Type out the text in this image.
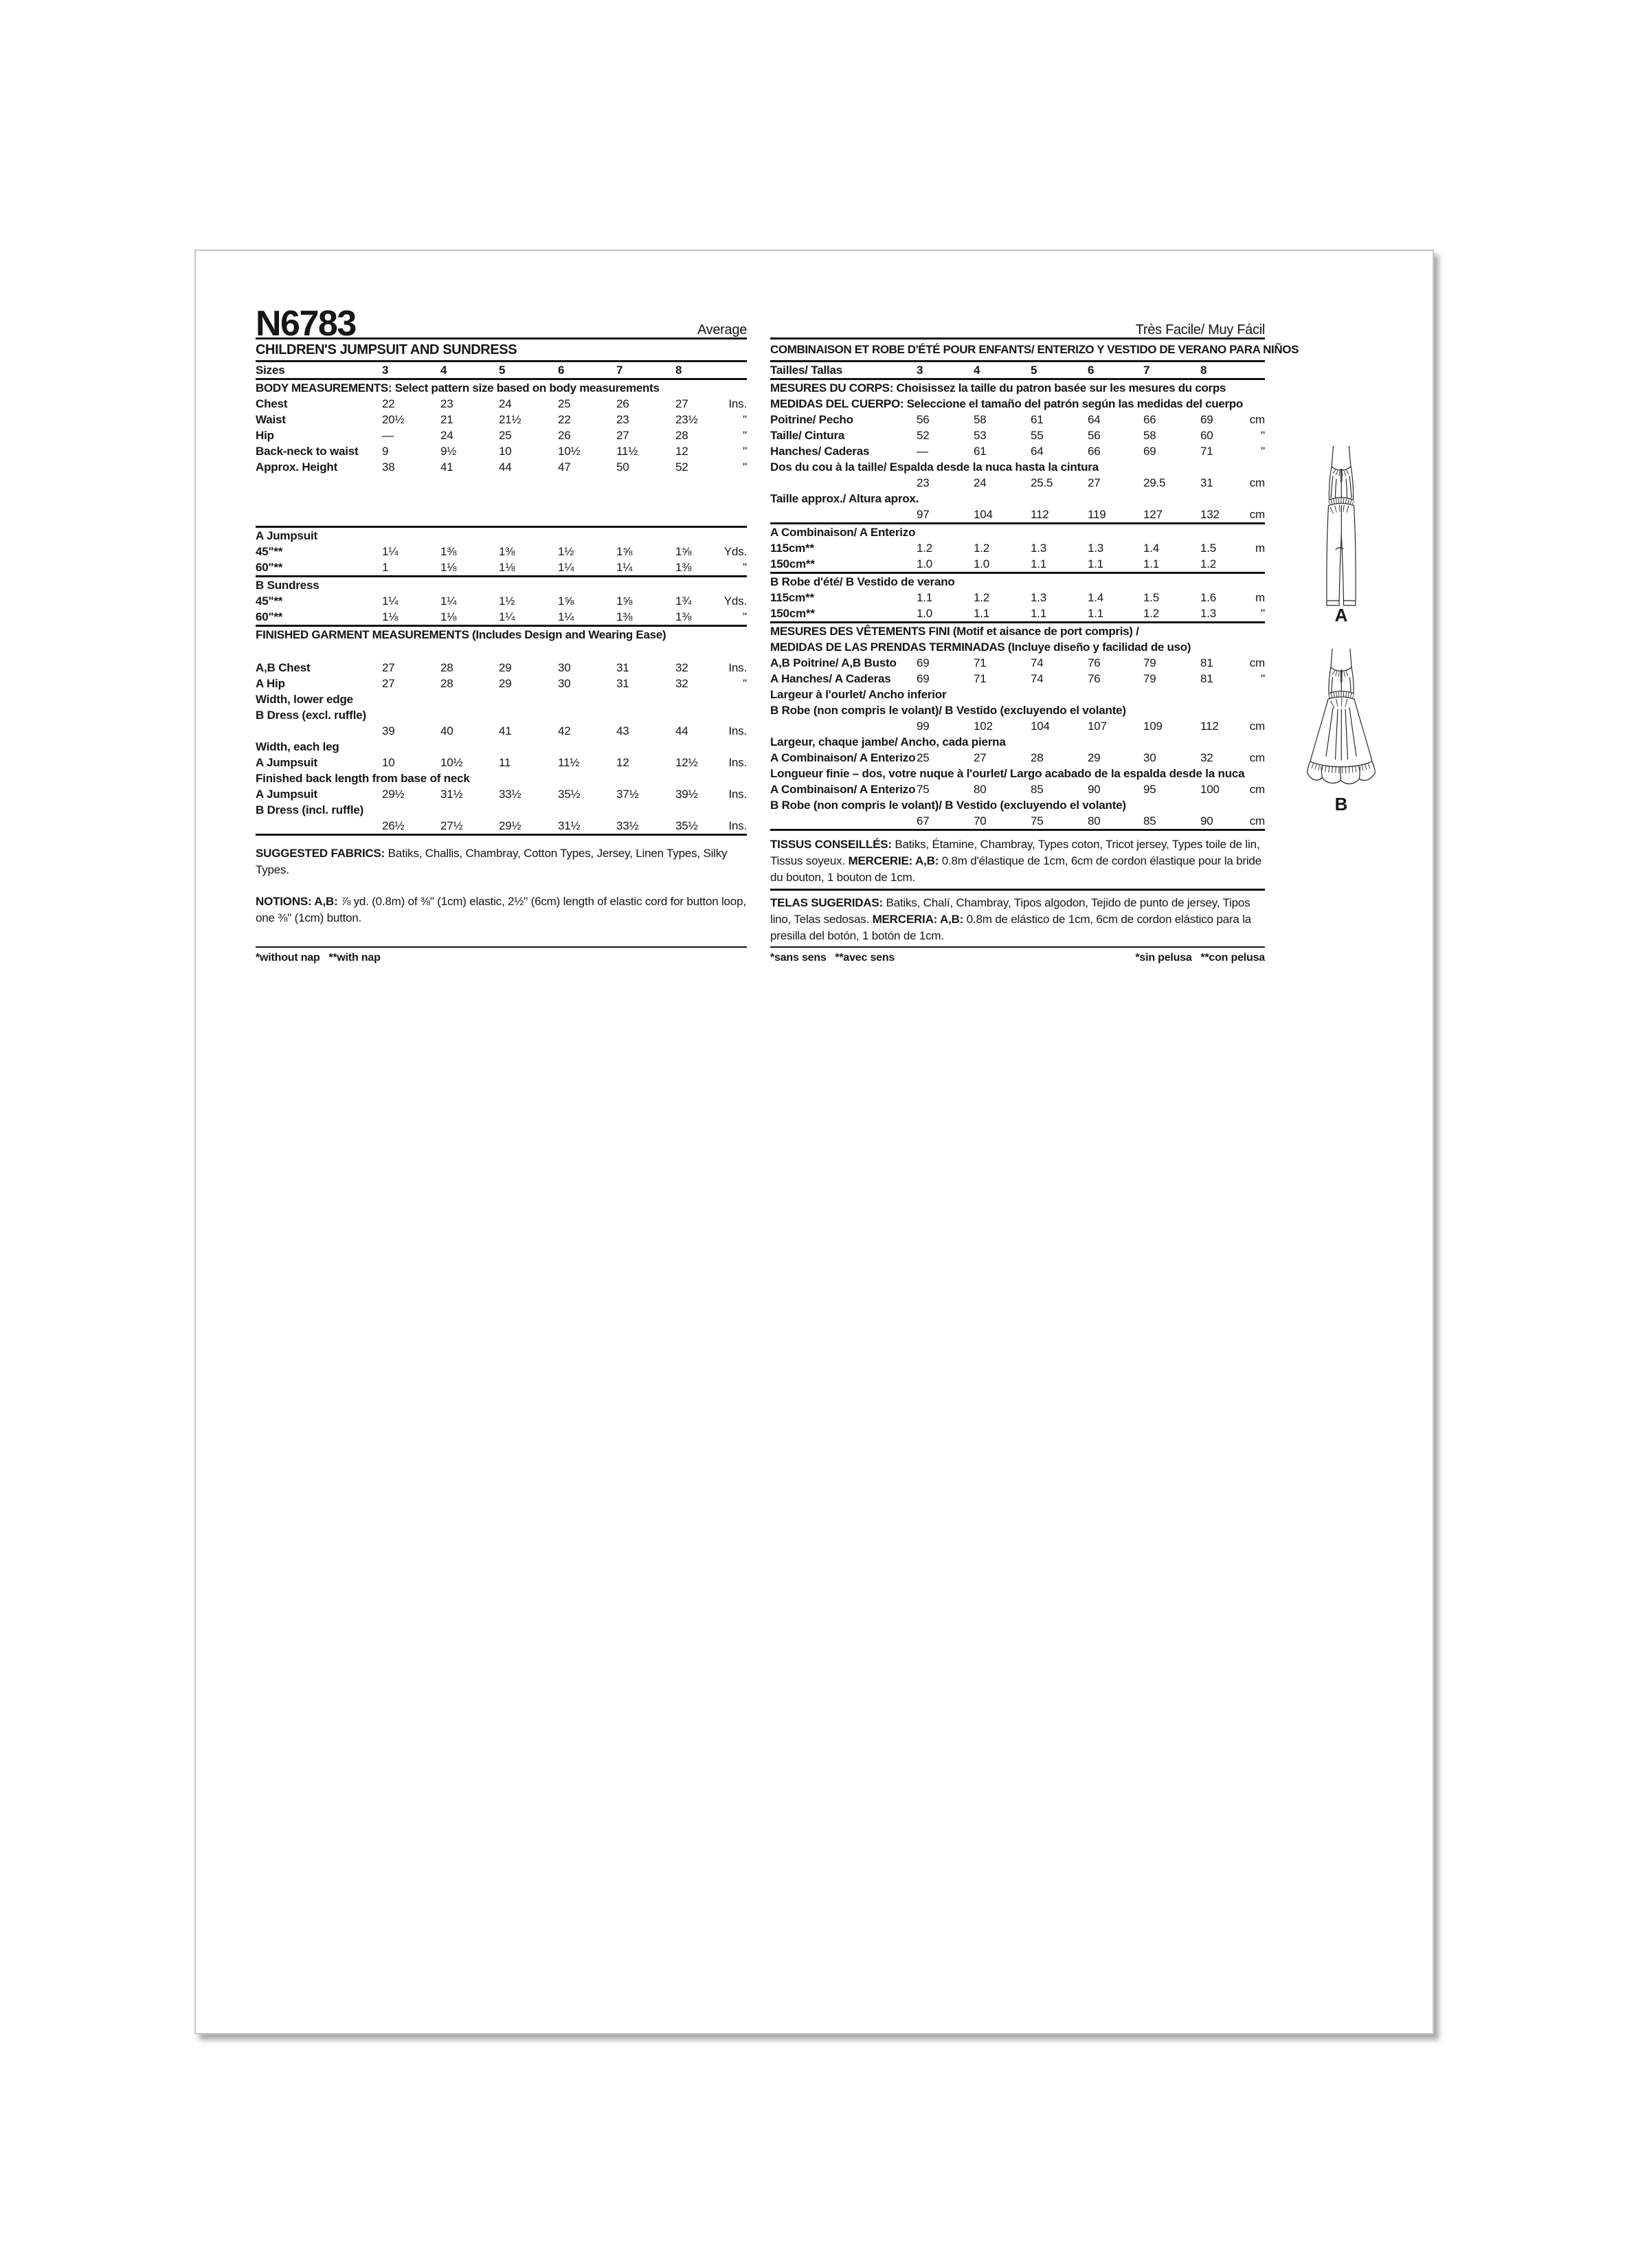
N6783	Average
CHILDREN'S JUMPSUIT AND SUNDRESS
Sizes	3	4	5	6	7	8
BODY MEASUREMENTS: Select pattern size based on body measurements
Chest	22	23	24	25	26	27	Ins.
Waist	20½	21	21½	22	23	23½	"
Hip	—	24	25	26	27	28	"
Back-neck to waist	9	9½	10	10½	11½	12	"
Approx. Height	38	41	44	47	50	52	"
A Jumpsuit
45"**	1¼	1⅜	1⅜	1½	1⅝	1⅝	Yds.
60"**	1	1⅛	1⅛	1¼	1¼	1⅜	"
B Sundress
45"**	1¼	1¼	1½	1⅝	1⅝	1¾	Yds.
60"**	1⅛	1⅛	1¼	1¼	1⅜	1⅜	"
FINISHED GARMENT MEASUREMENTS (Includes Design and Wearing Ease)
A,B Chest	27	28	29	30	31	32	Ins.
A Hip	27	28	29	30	31	32	"
Width, lower edge
B Dress (excl. ruffle)
39	40	41	42	43	44	Ins.
Width, each leg
A Jumpsuit	10	10½	11	11½	12	12½	Ins.
Finished back length from base of neck
A Jumpsuit	29½	31½	33½	35½	37½	39½	Ins.
B Dress (incl. ruffle)
26½	27½	29½	31½	33½	35½	Ins.
SUGGESTED FABRICS: Batiks, Challis, Chambray, Cotton Types, Jersey, Linen Types, Silky Types.
NOTIONS: A,B: ⅞ yd. (0.8m) of ⅜" (1cm) elastic, 2½" (6cm) length of elastic cord for button loop, one ⅜" (1cm) button.
*without nap   **with nap
Très Facile/ Muy Fácil
COMBINAISON ET ROBE D'ÉTÉ POUR ENFANTS/ ENTERIZO Y VESTIDO DE VERANO PARA NIÑOS
Tailles/ Tallas	3	4	5	6	7	8
MESURES DU CORPS: Choisissez la taille du patron basée sur les mesures du corps
MEDIDAS DEL CUERPO: Seleccione el tamaño del patrón según las medidas del cuerpo
Poitrine/ Pecho	56	58	61	64	66	69	cm
Taille/ Cintura	52	53	55	56	58	60	"
Hanches/ Caderas	—	61	64	66	69	71	"
Dos du cou à la taille/ Espalda desde la nuca hasta la cintura
23	24	25.5	27	29.5	31	cm
Taille approx./ Altura aprox.
97	104	112	119	127	132	cm
A Combinaison/ A Enterizo
115cm**	1.2	1.2	1.3	1.3	1.4	1.5	m
150cm**	1.0	1.0	1.1	1.1	1.1	1.2
B Robe d'été/ B Vestido de verano
115cm**	1.1	1.2	1.3	1.4	1.5	1.6	m
150cm**	1.0	1.1	1.1	1.1	1.2	1.3	"
MESURES DES VÊTEMENTS FINI (Motif et aisance de port compris) /
MEDIDAS DE LAS PRENDAS TERMINADAS (Incluye diseño y facilidad de uso)
A,B Poitrine/ A,B Busto	69	71	74	76	79	81	cm
A Hanches/ A Caderas	69	71	74	76	79	81	"
Largeur à l'ourlet/ Ancho inferior
B Robe (non compris le volant)/ B Vestido (excluyendo el volante)
99	102	104	107	109	112	cm
Largeur, chaque jambe/ Ancho, cada pierna
A Combinaison/ A Enterizo 25	27	28	29	30	32	cm
Longueur finie – dos, votre nuque à l'ourlet/ Largo acabado de la espalda desde la nuca
A Combinaison/ A Enterizo 75	80	85	90	95	100	cm
B Robe (non compris le volant)/ B Vestido (excluyendo el volante)
67	70	75	80	85	90	cm
TISSUS CONSEILLÉS: Batiks, Étamine, Chambray, Types coton, Tricot jersey, Types toile de lin, Tissus soyeux. MERCERIE: A,B: 0.8m d'élastique de 1cm, 6cm de cordon élastique pour la bride du bouton, 1 bouton de 1cm.
TELAS SUGERIDAS: Batiks, Chalí, Chambray, Tipos algodon, Tejido de punto de jersey, Tipos lino, Telas sedosas. MERCERIA: A,B: 0.8m de elástico de 1cm, 6cm de cordon elástico para la presilla del botón, 1 botón de 1cm.
*sans sens   **avec sens	*sin pelusa   **con pelusa
A
B
